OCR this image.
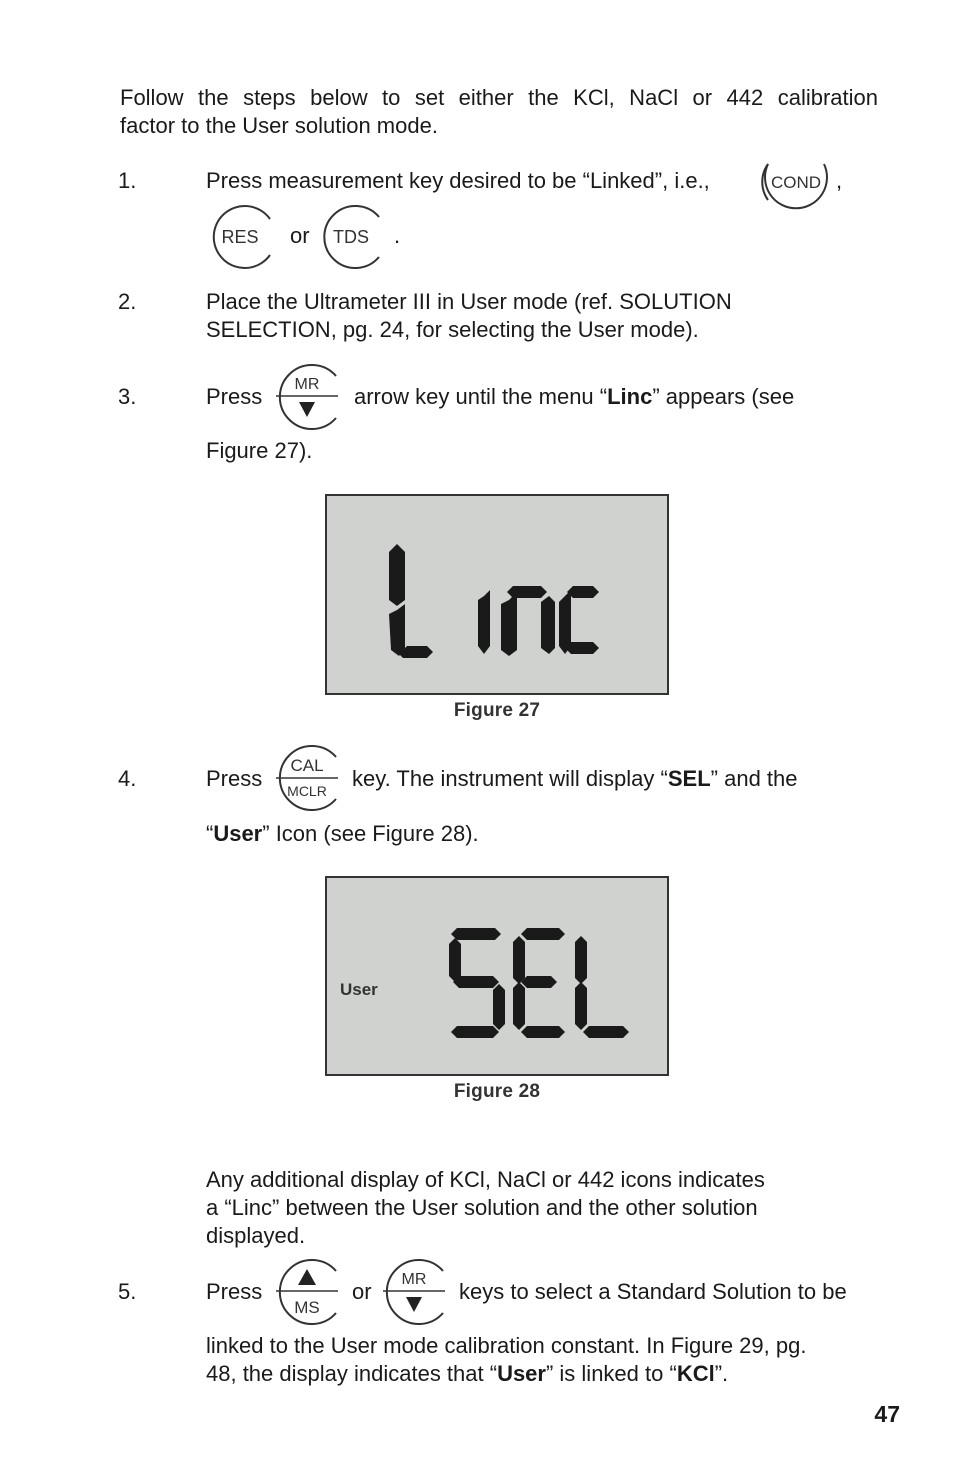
Follow the steps below to set either the KCl, NaCl or 442 calibration
factor to the User solution mode.
1.	Press measurement key desired to be “Linked”, i.e.,	COND ,
RES or TDS .
2.	Place the Ultrameter III in User mode (ref. SOLUTION
SELECTION, pg. 24, for selecting the User mode).
3.	Press MR arrow key until the menu “Linc” appears (see
Figure 27).
Figure 27
4.	Press
CAL
MCLR key. The instrument will display “SEL” and the
“User” Icon (see Figure 28).
User
Figure 28
Any additional display of KCl, NaCl or 442 icons indicates
a “Linc” between the User solution and the other solution
displayed.
5.	Press
MS
or MR keys to select a Standard Solution to be
linked to the User mode calibration constant. In Figure 29, pg.
48, the display indicates that “User” is linked to “KCl”.
47
